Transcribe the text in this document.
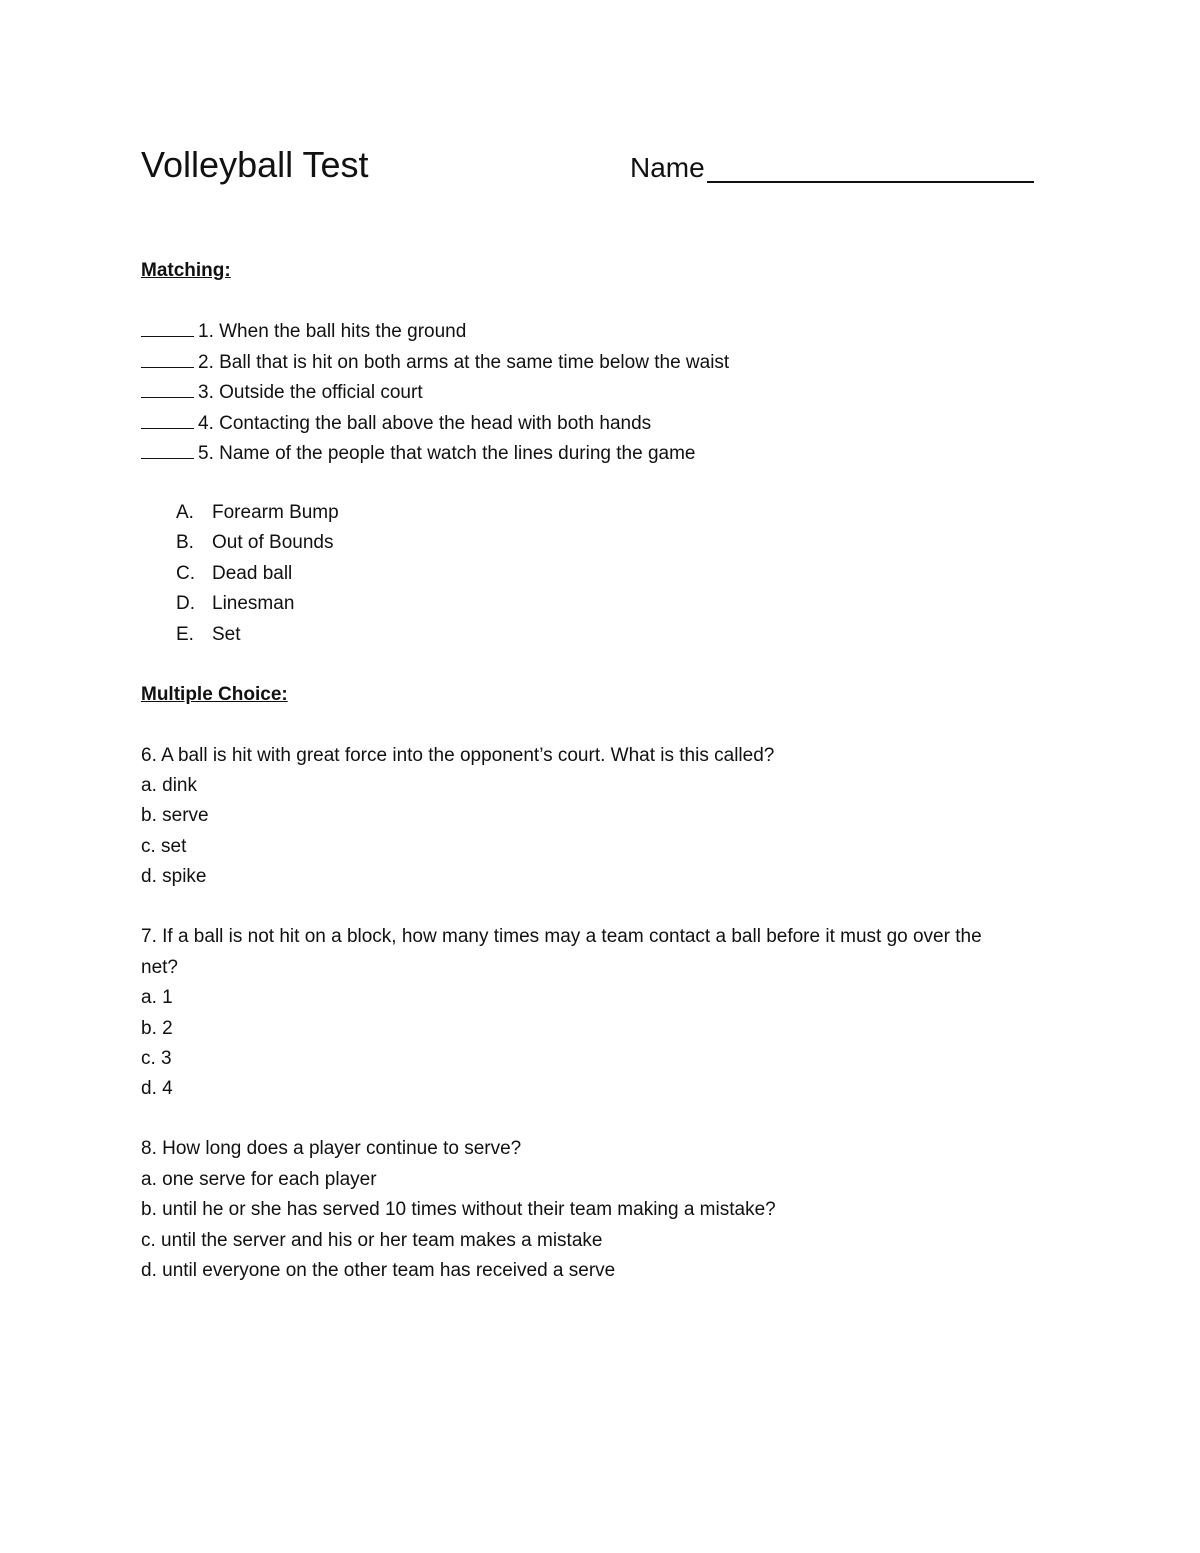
Volleyball Test	Name
Matching:
1. When the ball hits the ground
2. Ball that is hit on both arms at the same time below the waist
3. Outside the official court
4. Contacting the ball above the head with both hands
5. Name of the people that watch the lines during the game
A. Forearm Bump
B. Out of Bounds
C. Dead ball
D. Linesman
E. Set
Multiple Choice:
6. A ball is hit with great force into the opponent’s court. What is this called?
a. dink
b. serve
c. set
d. spike
7. If a ball is not hit on a block, how many times may a team contact a ball before it must go over the
net?
a. 1
b. 2
c. 3
d. 4
8. How long does a player continue to serve?
a. one serve for each player
b. until he or she has served 10 times without their team making a mistake?
c. until the server and his or her team makes a mistake
d. until everyone on the other team has received a serve
